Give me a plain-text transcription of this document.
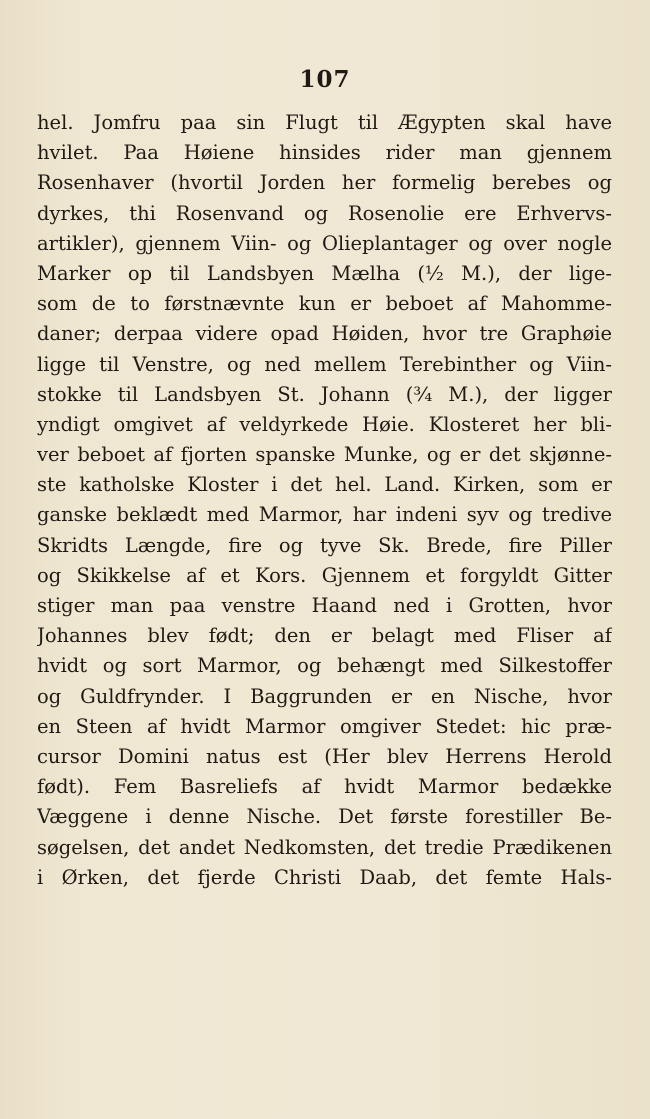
107
hel. Jomfru paa sin Flugt til Ægypten skal have
hvilet. Paa Høiene hinsides rider man gjennem
Rosenhaver (hvortil Jorden her formelig berebes og
dyrkes, thi Rosenvand og Rosenolie ere Erhvervs-
artikler), gjennem Viin- og Olieplantager og over nogle
Marker op til Landsbyen Mælha (½ M.), der lige-
som de to førstnævnte kun er beboet af Mahomme-
daner; derpaa videre opad Høiden, hvor tre Graphøie
ligge til Venstre, og ned mellem Terebinther og Viin-
stokke til Landsbyen St. Johann (¾ M.), der ligger
yndigt omgivet af veldyrkede Høie. Klosteret her bli-
ver beboet af fjorten spanske Munke, og er det skjønne-
ste katholske Kloster i det hel. Land. Kirken, som er
ganske beklædt med Marmor, har indeni syv og tredive
Skridts Længde, fire og tyve Sk. Brede, fire Piller
og Skikkelse af et Kors. Gjennem et forgyldt Gitter
stiger man paa venstre Haand ned i Grotten, hvor
Johannes blev født; den er belagt med Fliser af
hvidt og sort Marmor, og behængt med Silkestoffer
og Guldfrynder. I Baggrunden er en Nische, hvor
en Steen af hvidt Marmor omgiver Stedet: hic præ-
cursor Domini natus est (Her blev Herrens Herold
født). Fem Basreliefs af hvidt Marmor bedække
Væggene i denne Nische. Det første forestiller Be-
søgelsen, det andet Nedkomsten, det tredie Prædikenen
i Ørken, det fjerde Christi Daab, det femte Hals-
